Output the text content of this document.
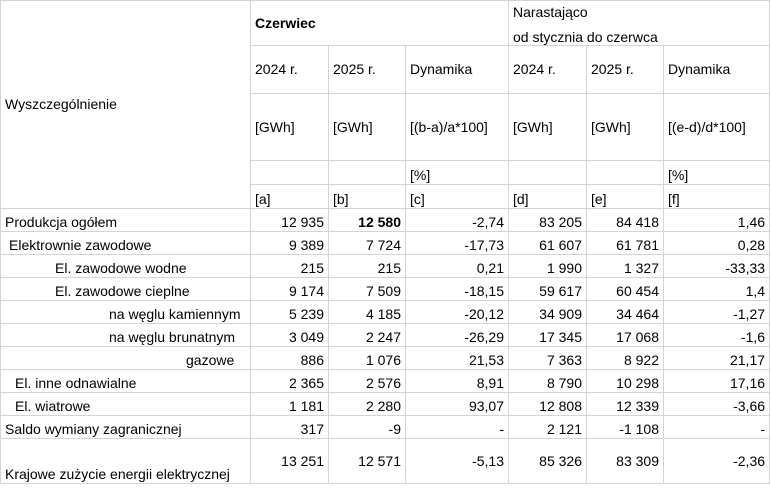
Wyszczególnienie	Czerwiec			Narastająco
od stycznia do czerwca		

	2024 r.	2025 r.	Dynamika	2024 r.	2025 r.	Dynamika
	[GWh]	[GWh]	[(b-a)/a*100]	[GWh]	[GWh]	[(e-d)/d*100]
			[%]			[%]
	[a]	[b]	[c]	[d]	[e]	[f]
Produkcja ogółem	12 935	12 580	-2,74	83 205	84 418	1,46
Elektrownie zawodowe	9 389	7 724	-17,73	61 607	61 781	0,28
El. zawodowe wodne	215	215	0,21	1 990	1 327	-33,33
El. zawodowe cieplne	9 174	7 509	-18,15	59 617	60 454	1,4
na węglu kamiennym	5 239	4 185	-20,12	34 909	34 464	-1,27
na węglu brunatnym	3 049	2 247	-26,29	17 345	17 068	-1,6
gazowe	886	1 076	21,53	7 363	8 922	21,17
El. inne odnawialne	2 365	2 576	8,91	8 790	10 298	17,16
El. wiatrowe	1 181	2 280	93,07	12 808	12 339	-3,66
Saldo wymiany zagranicznej	317	-9	-	2 121	-1 108	-
Krajowe zużycie energii elektrycznej	13 251	12 571	-5,13	85 326	83 309	-2,36
